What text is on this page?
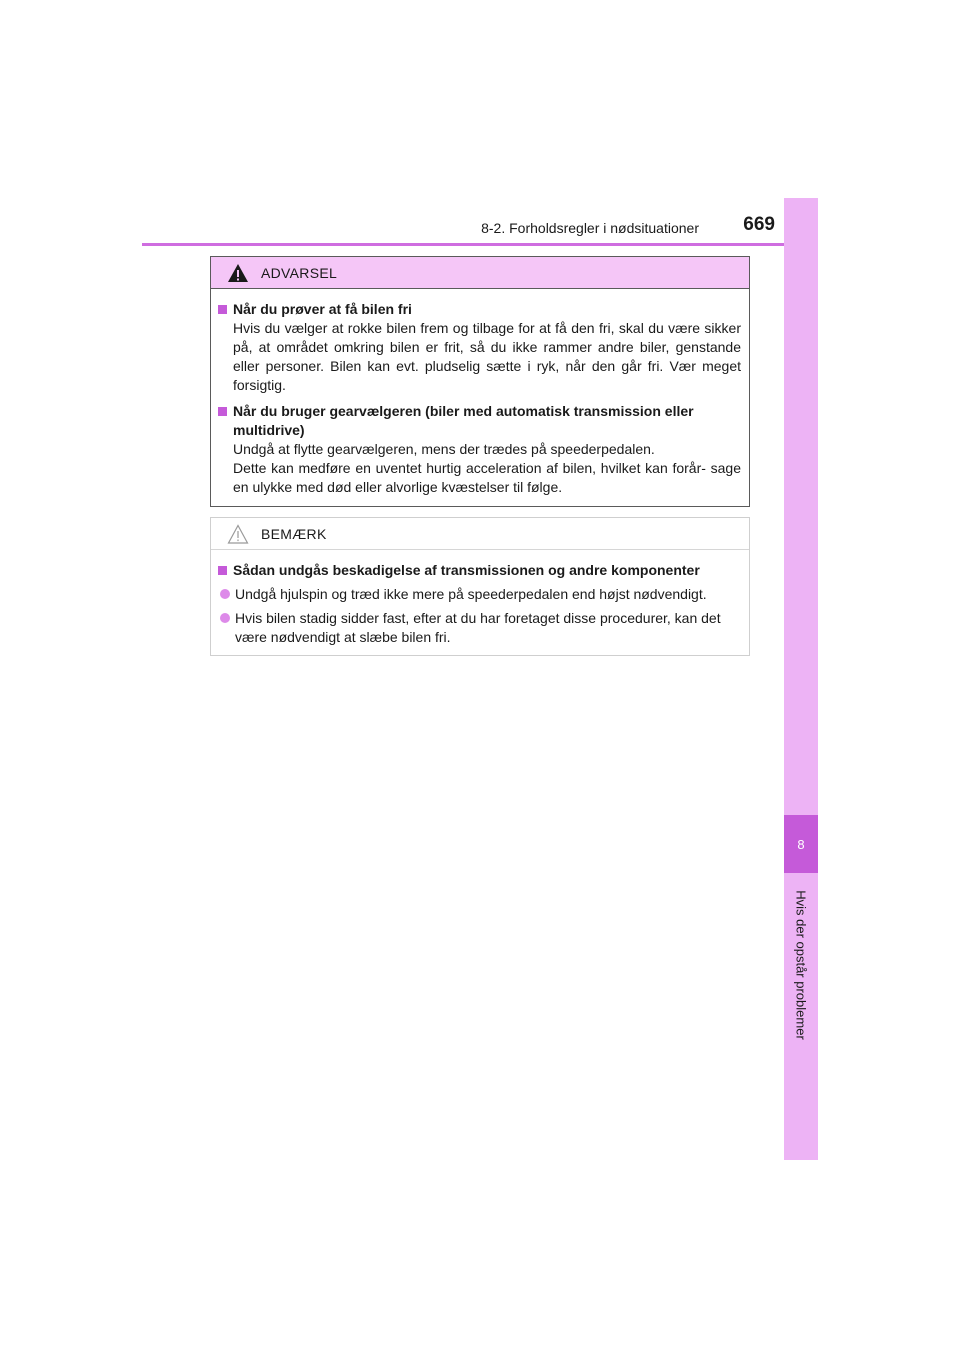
8-2. Forholdsregler i nødsituationer	669
8
Hvis der opstår problemer
ADVARSEL
Når du prøver at få bilen fri

Hvis du vælger at rokke bilen frem og tilbage for at få den fri, skal du være sikker på, at området omkring bilen er frit, så du ikke rammer andre biler, genstande eller personer. Bilen kan evt. pludselig sætte i ryk, når den går fri. Vær meget forsigtig.

Når du bruger gearvælgeren (biler med automatisk transmission eller multidrive)

Undgå at flytte gearvælgeren, mens der trædes på speederpedalen.

Dette kan medføre en uventet hurtig acceleration af bilen, hvilket kan forår- sage en ulykke med død eller alvorlige kvæstelser til følge.

BEMÆRK
Sådan undgås beskadigelse af transmissionen og andre komponenter
Undgå hjulspin og træd ikke mere på speederpedalen end højst nødvendigt.
Hvis bilen stadig sidder fast, efter at du har foretaget disse procedurer, kan det være nødvendigt at slæbe bilen fri.
